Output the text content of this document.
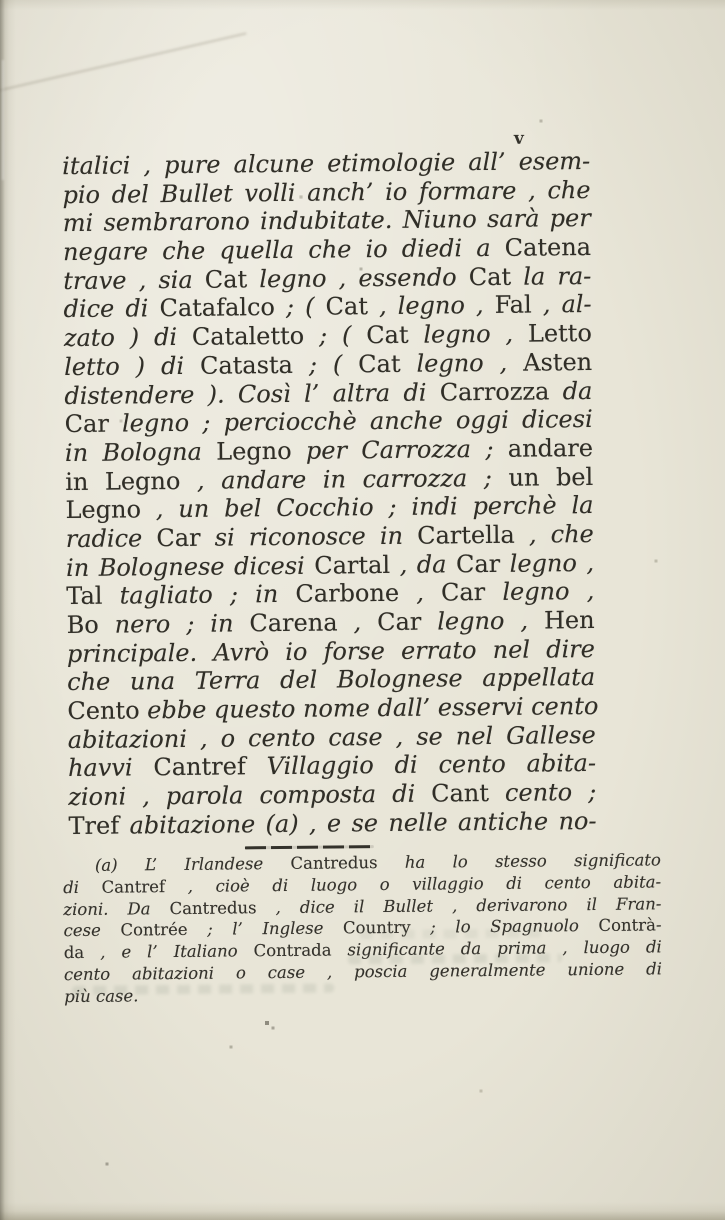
v
italici , pure alcune etimologie all’ esem-
pio del Bullet volli anch’ io formare , che
mi sembrarono indubitate. Niuno sarà per
negare che quella che io diedi a Catena
trave , sia Cat legno , essendo Cat la ra-
dice di Catafalco ; ( Cat , legno , Fal , al-
zato ) di Cataletto ; ( Cat legno , Letto
letto ) di Catasta ; ( Cat legno , Asten
distendere ). Così l’ altra di Carrozza da
Car legno ; perciocchè anche oggi dicesi
in Bologna Legno per Carrozza ; andare
in Legno , andare in carrozza ; un bel
Legno , un bel Cocchio ; indi perchè la
radice Car si riconosce in Cartella , che
in Bolognese dicesi Cartal , da Car legno ,
Tal tagliato ; in Carbone , Car legno ,
Bo nero ; in Carena , Car legno , Hen
principale. Avrò io forse errato nel dire
che una Terra del Bolognese appellata
Cento ebbe questo nome dall’ esservi cento
abitazioni , o cento case , se nel Gallese
havvi Cantref Villaggio di cento abita-
zioni , parola composta di Cant cento ;
Tref abitazione (a) , e se nelle antiche no-
(a) L’ Irlandese Cantredus ha lo stesso significato
di Cantref , cioè di luogo o villaggio di cento abita-
zioni. Da Cantredus , dice il Bullet , derivarono il Fran-
cese Contrée ; l’ Inglese Country ; lo Spagnuolo Contrà-
da , e l’ Italiano Contrada significante da prima , luogo di
cento abitazioni o case , poscia generalmente unione di
più case.
